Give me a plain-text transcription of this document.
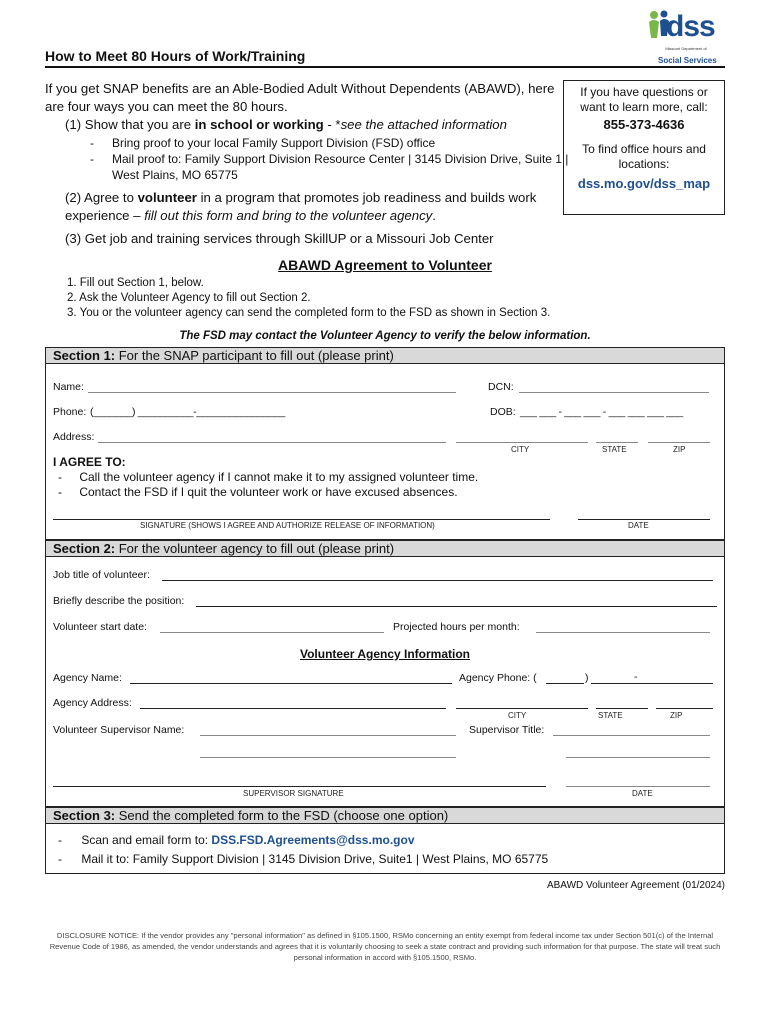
dss
Missouri Department of
Social Services
How to Meet 80 Hours of Work/Training
If you get SNAP benefits are an Able-Bodied Adult Without Dependents (ABAWD), here are four ways you can meet the 80 hours.
(1) Show that you are in school or working - *see the attached information
-	Bring proof to your local Family Support Division (FSD) office
-	Mail proof to: Family Support Division Resource Center | 3145 Division Drive, Suite 1 | West Plains, MO 65775
(2) Agree to volunteer in a program that promotes job readiness and builds work experience – fill out this form and bring to the volunteer agency.
(3) Get job and training services through SkillUP or a Missouri Job Center
If you have questions or want to learn more, call:
855-373-4636
To find office hours and locations:
dss.mo.gov/dss_map
ABAWD Agreement to Volunteer
1. Fill out Section 1, below.
2. Ask the Volunteer Agency to fill out Section 2.
3. You or the volunteer agency can send the completed form to the FSD as shown in Section 3.
The FSD may contact the Volunteer Agency to verify the below information.
Section 1: For the SNAP participant to fill out (please print)
Name:	DCN:
Phone: (_______) __________-________________	DOB: ___ ___ - ___ ___ - ___ ___ ___ ___
Address:
CITY	STATE	ZIP
I AGREE TO:
- Call the volunteer agency if I cannot make it to my assigned volunteer time.
- Contact the FSD if I quit the volunteer work or have excused absences.
SIGNATURE (SHOWS I AGREE AND AUTHORIZE RELEASE OF INFORMATION)	DATE
Section 2: For the volunteer agency to fill out (please print)
Job title of volunteer:
Briefly describe the position:
Volunteer start date:	Projected hours per month:
Volunteer Agency Information
Agency Name:	Agency Phone: (	)	-
Agency Address:
CITY	STATE	ZIP
Volunteer Supervisor Name:	Supervisor Title:
SUPERVISOR SIGNATURE	DATE
Section 3: Send the completed form to the FSD (choose one option)
- Scan and email form to: DSS.FSD.Agreements@dss.mo.gov
- Mail it to: Family Support Division | 3145 Division Drive, Suite1 | West Plains, MO 65775
ABAWD Volunteer Agreement (01/2024)
DISCLOSURE NOTICE: If the vendor provides any "personal information" as defined in §105.1500, RSMo concerning an entity exempt from federal income tax under Section 501(c) of the Internal Revenue Code of 1986, as amended, the vendor understands and agrees that it is voluntarily choosing to seek a state contract and providing such information for that purpose. The state will treat such personal information in accord with §105.1500, RSMo.
